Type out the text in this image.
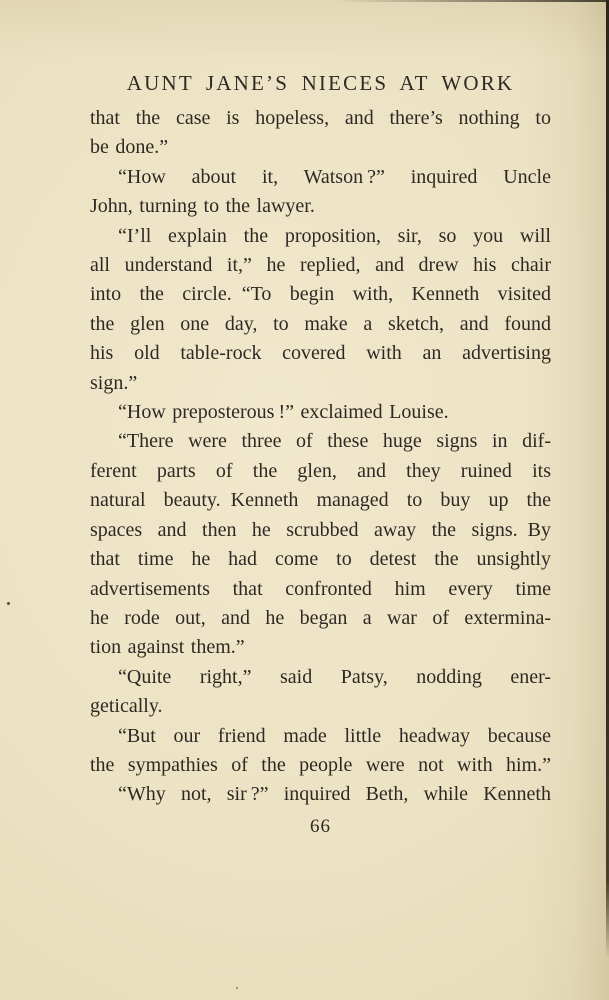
AUNT JANE’S NIECES AT WORK
that the case is hopeless, and there’s nothing to
be done.”
“How about it, Watson ?” inquired Uncle
John, turning to the lawyer.
“I’ll explain the proposition, sir, so you will
all understand it,” he replied, and drew his chair
into the circle. “To begin with, Kenneth visited
the glen one day, to make a sketch, and found
his old table-rock covered with an advertising
sign.”
“How preposterous !” exclaimed Louise.
“There were three of these huge signs in dif-
ferent parts of the glen, and they ruined its
natural beauty. Kenneth managed to buy up the
spaces and then he scrubbed away the signs. By
that time he had come to detest the unsightly
advertisements that confronted him every time
he rode out, and he began a war of extermina-
tion against them.”
“Quite right,” said Patsy, nodding ener-
getically.
“But our friend made little headway because
the sympathies of the people were not with him.”
“Why not, sir ?” inquired Beth, while Kenneth
66
